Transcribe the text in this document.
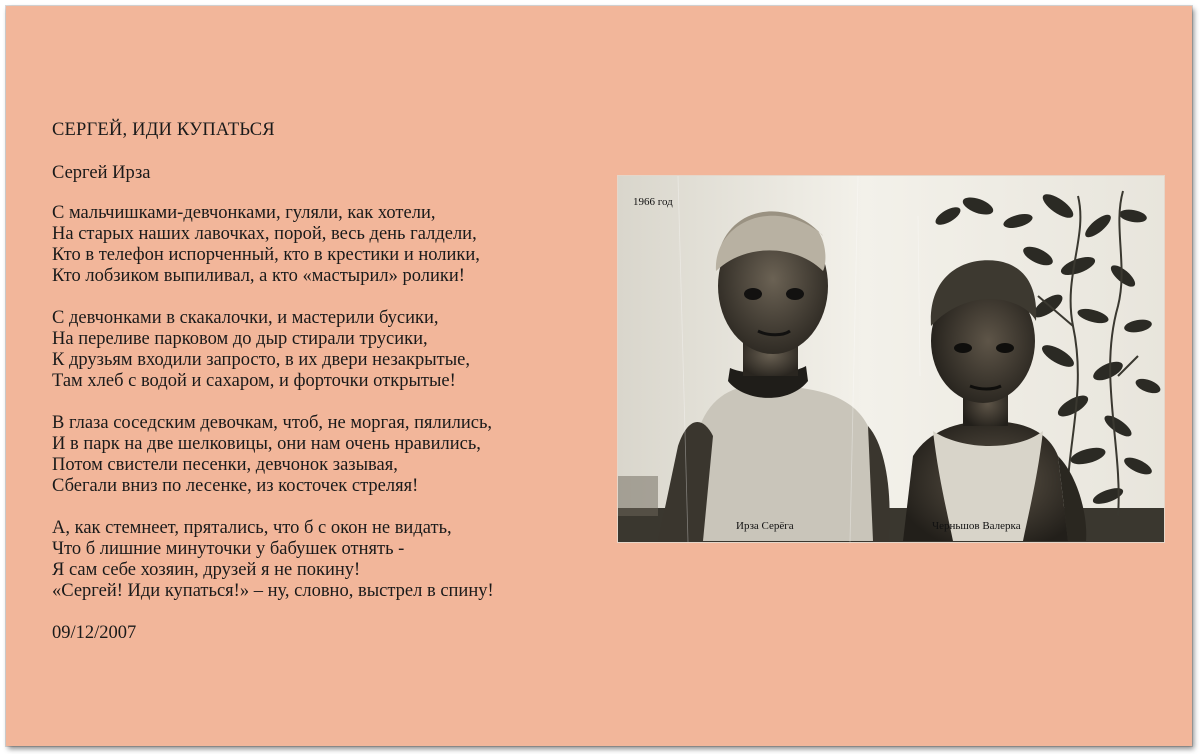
СЕРГЕЙ, ИДИ КУПАТЬСЯ

Сергей Ирза

С мальчишками-девчонками, гуляли, как хотели,
На старых наших лавочках, порой, весь день галдели,
Кто в телефон испорченный, кто в крестики и нолики,
Кто лобзиком выпиливал, а кто «мастырил» ролики!
С девчонками в скакалочки, и мастерили бусики,
На переливе парковом до дыр стирали трусики,
К друзьям входили запросто, в их двери незакрытые,
Там хлеб с водой и сахаром, и форточки открытые!
В глаза соседским девочкам, чтоб, не моргая, пялились,
И в парк на две шелковицы, они нам очень нравились,
Потом свистели песенки, девчонок зазывая,
Сбегали вниз по лесенке, из косточек стреляя!
А, как стемнеет, прятались, что б с окон не видать,
Что б лишние минуточки у бабушек отнять -
Я сам себе хозяин, друзей я не покину!
«Сергей! Иди купаться!» – ну, словно, выстрел в спину!

09/12/2007

1966 год
Ирза Серёга	Черньшов Валерка
